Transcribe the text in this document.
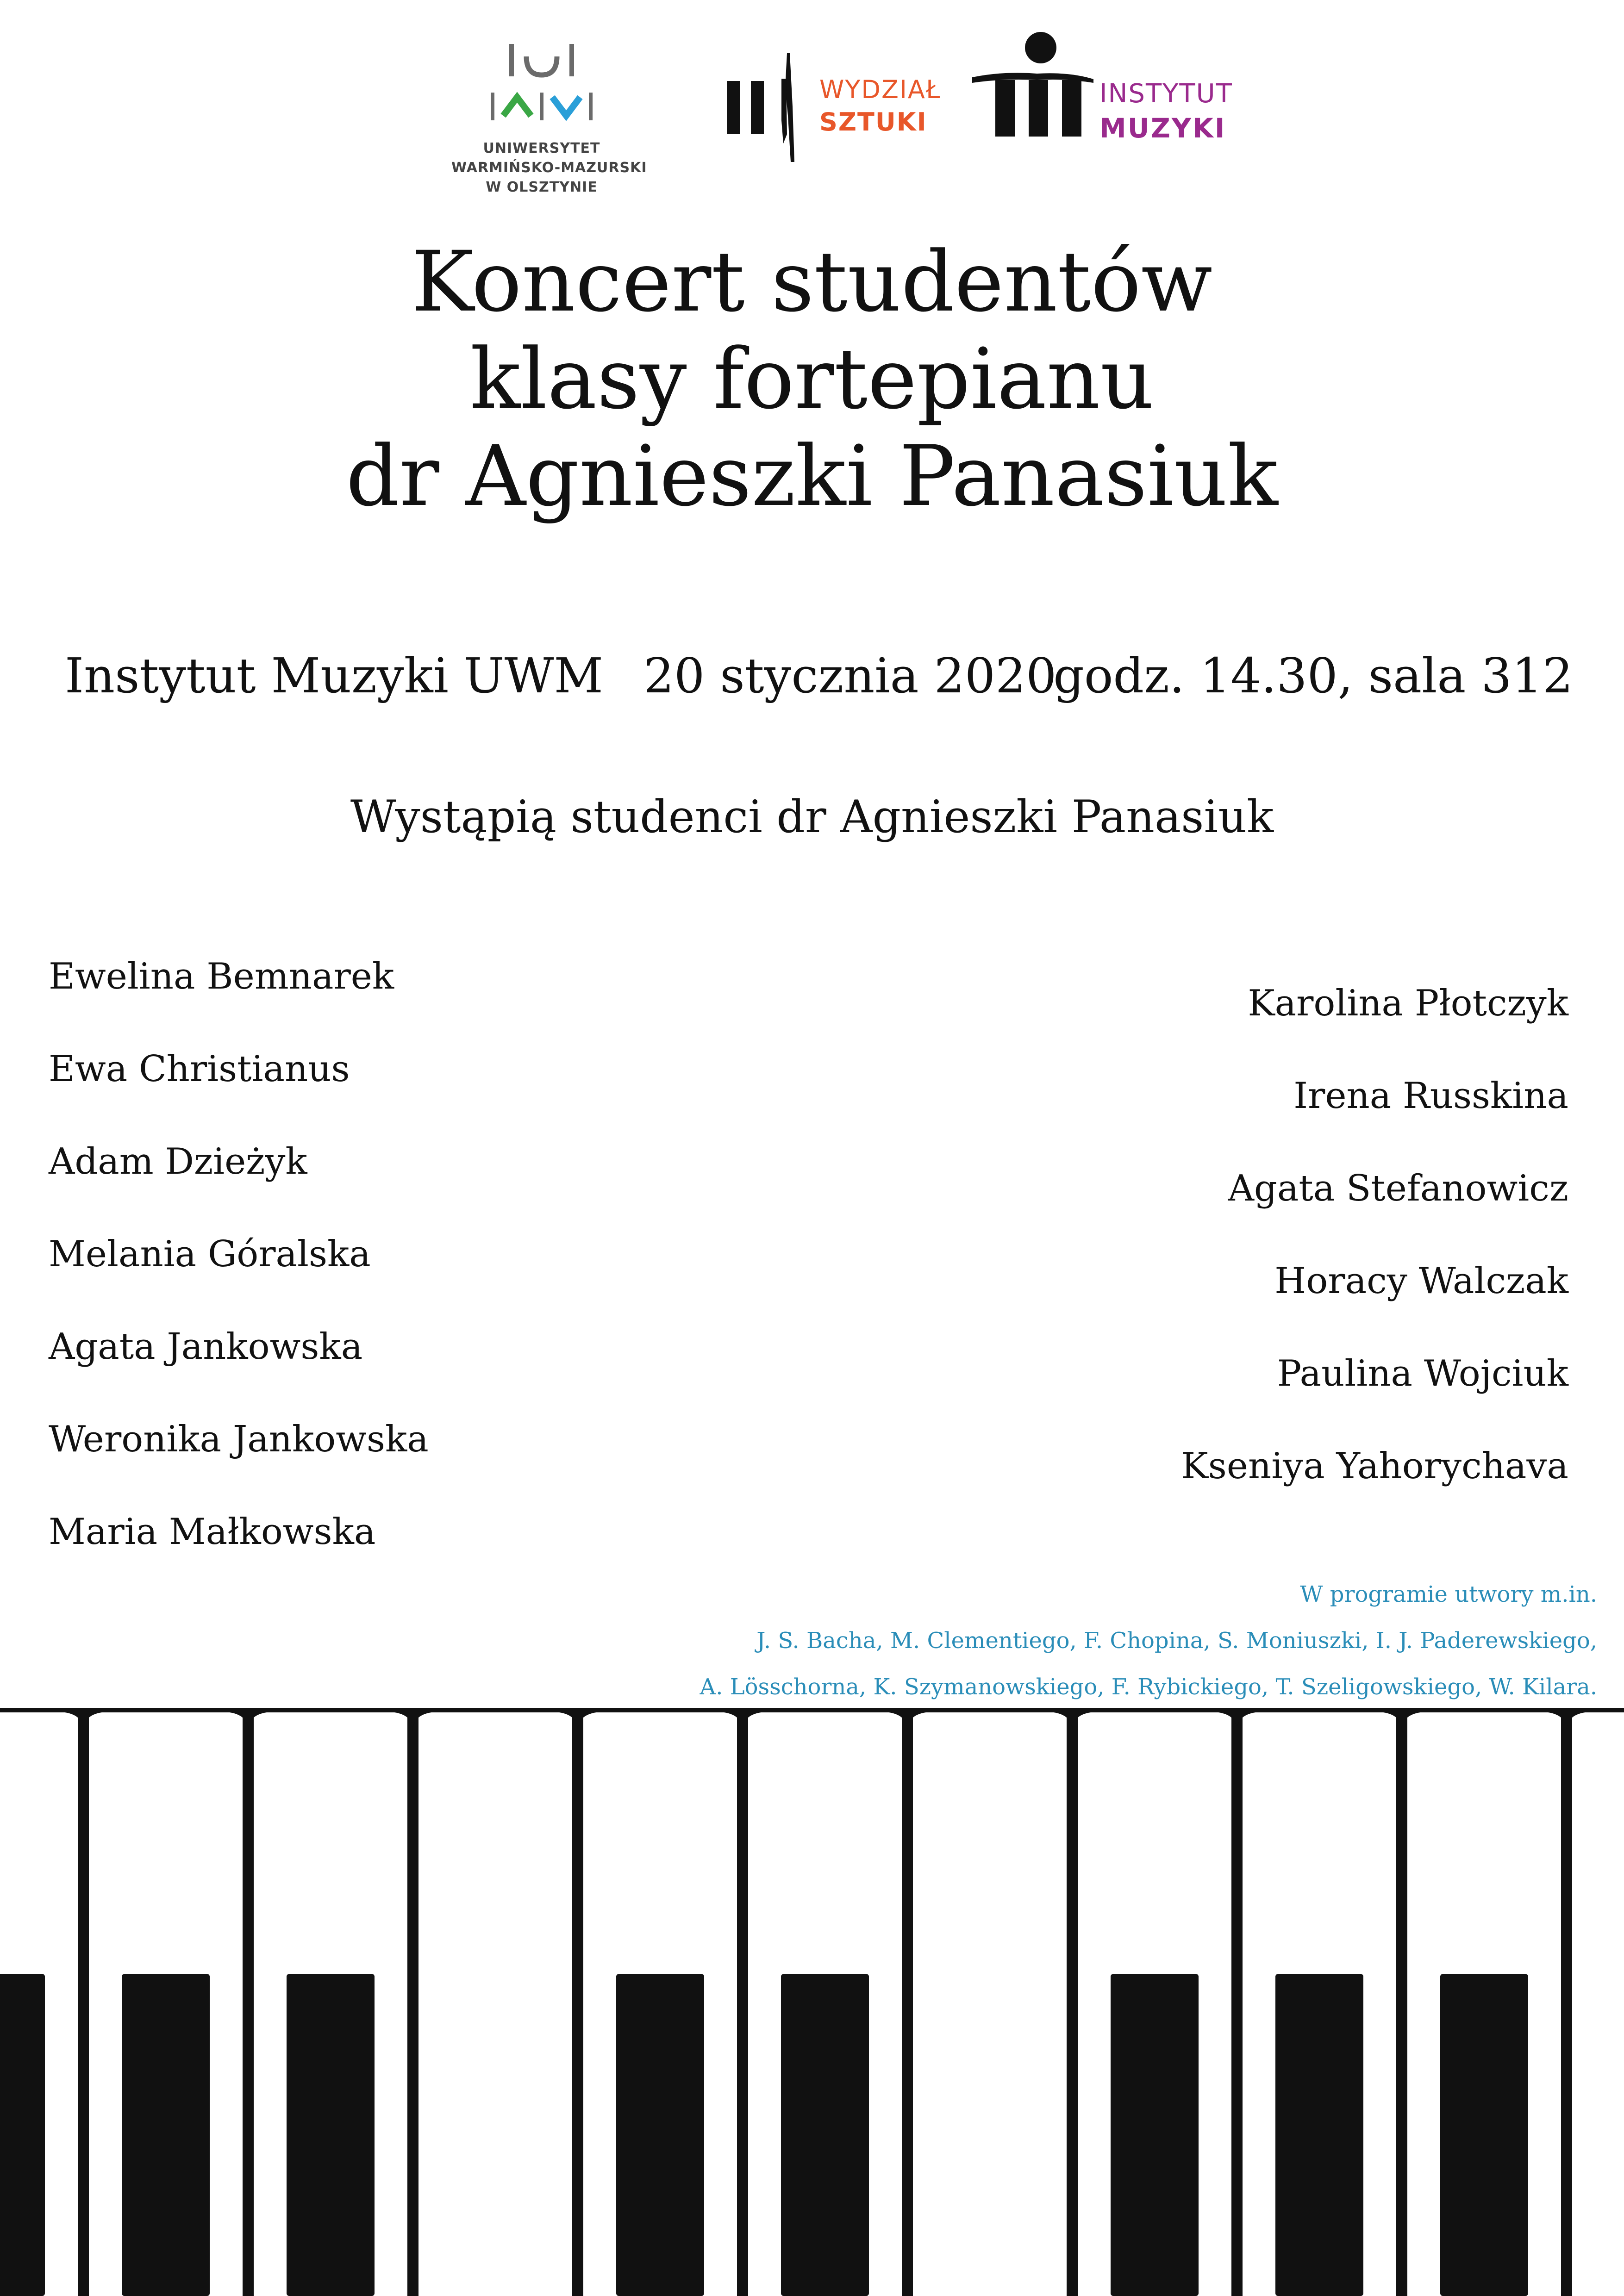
UNIWERSYTET
WARMIŃSKO-MAZURSKI
W OLSZTYNIE
WYDZIAŁ
SZTUKI
INSTYTUT
MUZYKI
Koncert studentów
klasy fortepianu
dr Agnieszki Panasiuk
Instytut Muzyki UWM 20 stycznia 2020
godz. 14.30, sala 312
Wystąpią studenci dr Agnieszki Panasiuk
Ewelina Bemnarek
Ewa Christianus
Adam Dzieżyk
Melania Góralska
Agata Jankowska
Weronika Jankowska
Maria Małkowska
Karolina Płotczyk
Irena Russkina
Agata Stefanowicz
Horacy Walczak
Paulina Wojciuk
Kseniya Yahorychava
W programie utwory m.in.
J. S. Bacha, M. Clementiego, F. Chopina, S. Moniuszki, I. J. Paderewskiego,
A. Lösschorna, K. Szymanowskiego, F. Rybickiego, T. Szeligowskiego, W. Kilara.
